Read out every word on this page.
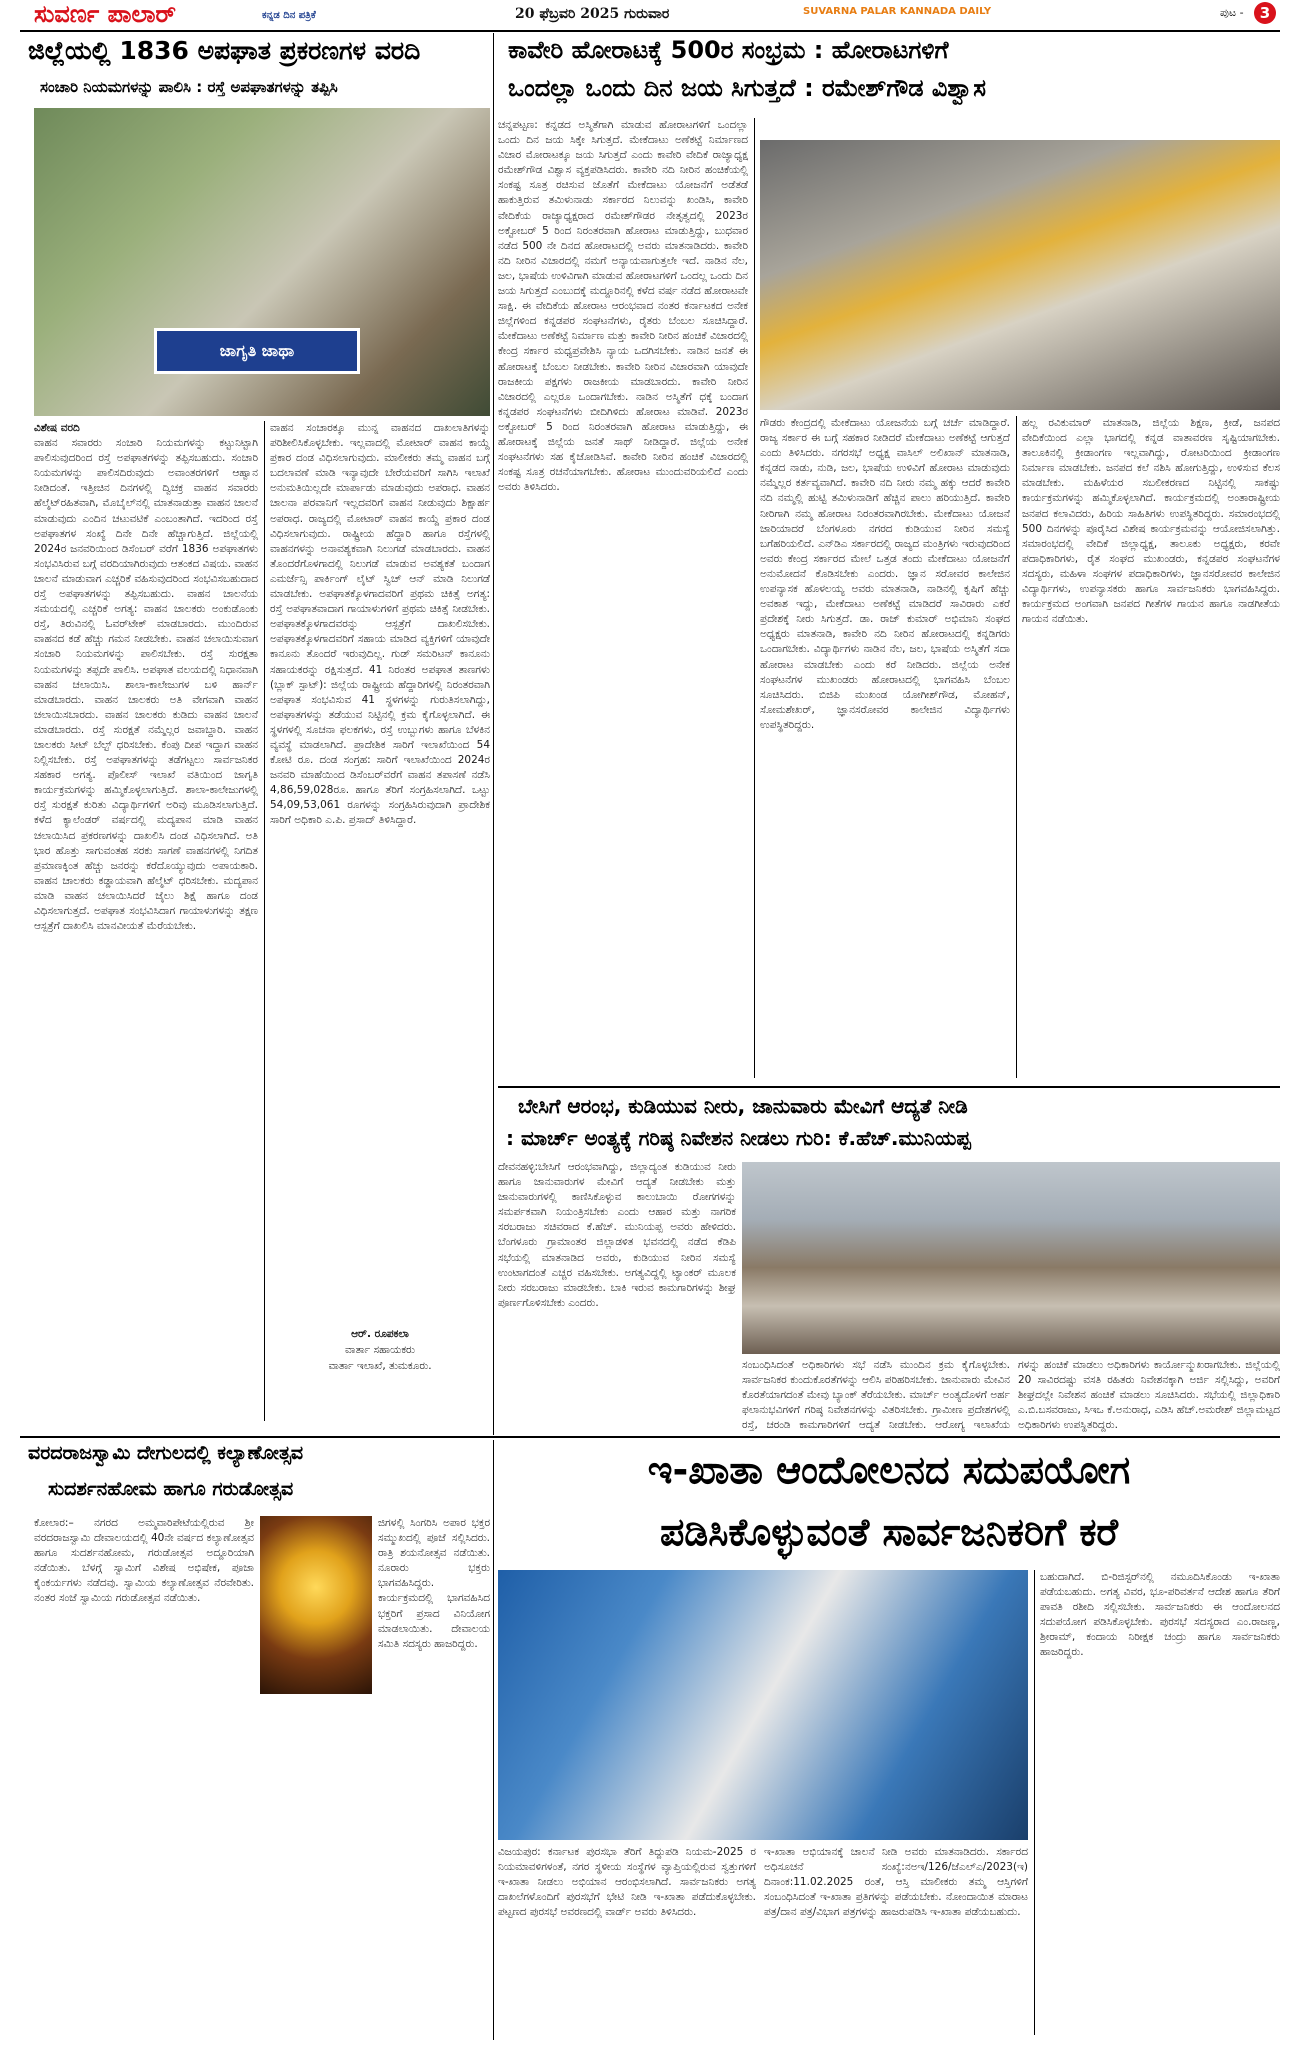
ಸುವರ್ಣ ಪಾಲಾರ್	ಕನ್ನಡ ದಿನ ಪತ್ರಿಕೆ	20 ಫೆಬ್ರವರಿ 2025 ಗುರುವಾರ	SUVARNA PALAR KANNADA DAILY	ಪುಟ -	3
ಜಿಲ್ಲೆಯಲ್ಲಿ 1836 ಅಪಘಾತ ಪ್ರಕರಣಗಳ ವರದಿ
ಸಂಚಾರಿ ನಿಯಮಗಳನ್ನು ಪಾಲಿಸಿ : ರಸ್ತೆ ಅಪಘಾತಗಳನ್ನು ತಪ್ಪಿಸಿ
ಜಾಗೃತಿ ಜಾಥಾ

ವಿಶೇಷ ವರದಿ

ವಾಹನ ಸವಾರರು ಸಂಚಾರಿ ನಿಯಮಗಳನ್ನು ಕಟ್ಟುನಿಟ್ಟಾಗಿ ಪಾಲಿಸುವುದರಿಂದ ರಸ್ತೆ ಅಪಘಾತಗಳನ್ನು ತಪ್ಪಿಸಬಹುದು. ಸಂಚಾರಿ ನಿಯಮಗಳನ್ನು ಪಾಲಿಸದಿರುವುದು ಅವಾಂತರಗಳಿಗೆ ಆಹ್ವಾನ ನೀಡಿದಂತೆ. ಇತ್ತೀಚಿನ ದಿನಗಳಲ್ಲಿ ದ್ವಿಚಕ್ರ ವಾಹನ ಸವಾರರು ಹೆಲ್ಮೆಟ್‌ರಹಿತವಾಗಿ, ಮೊಬೈಲ್‌ನಲ್ಲಿ ಮಾತನಾಡುತ್ತಾ ವಾಹನ ಚಾಲನೆ ಮಾಡುವುದು ಎಂದಿನ ಚಟುವಟಿಕೆ ಎಂಬಂತಾಗಿದೆ. ಇದರಿಂದ ರಸ್ತೆ ಅಪಘಾತಗಳ ಸಂಖ್ಯೆ ದಿನೇ ದಿನೇ ಹೆಚ್ಚಾಗುತ್ತಿದೆ. ಜಿಲ್ಲೆಯಲ್ಲಿ 2024ರ ಜನವರಿಯಿಂದ ಡಿಸೆಂಬರ್ ವರೆಗೆ 1836 ಅಪಘಾತಗಳು ಸಂಭವಿಸಿರುವ ಬಗ್ಗೆ ವರದಿಯಾಗಿರುವುದು ಆತಂಕದ ವಿಷಯ. ವಾಹನ ಚಾಲನೆ ಮಾಡುವಾಗ ಎಚ್ಚರಿಕೆ ವಹಿಸುವುದರಿಂದ ಸಂಭವಿಸಬಹುದಾದ ರಸ್ತೆ ಅಪಘಾತಗಳನ್ನು ತಪ್ಪಿಸಬಹುದು. ವಾಹನ ಚಾಲನೆಯ ಸಮಯದಲ್ಲಿ ಎಚ್ಚರಿಕೆ ಅಗತ್ಯ: ವಾಹನ ಚಾಲಕರು ಅಂಕುಡೊಂಕು ರಸ್ತೆ, ತಿರುವಿನಲ್ಲಿ ಓವರ್‌ಟೇಕ್ ಮಾಡಬಾರದು. ಮುಂದಿರುವ ವಾಹನದ ಕಡೆ ಹೆಚ್ಚು ಗಮನ ನೀಡಬೇಕು. ವಾಹನ ಚಲಾಯಿಸುವಾಗ ಸಂಚಾರಿ ನಿಯಮಗಳನ್ನು ಪಾಲಿಸಬೇಕು. ರಸ್ತೆ ಸುರಕ್ಷತಾ ನಿಯಮಗಳನ್ನು ತಪ್ಪದೇ ಪಾಲಿಸಿ. ಅಪಘಾತ ವಲಯದಲ್ಲಿ ನಿಧಾನವಾಗಿ ವಾಹನ ಚಲಾಯಿಸಿ. ಶಾಲಾ-ಕಾಲೇಜುಗಳ ಬಳಿ ಹಾರ್ನ್ ಮಾಡಬಾರದು. ವಾಹನ ಚಾಲಕರು ಅತಿ ವೇಗವಾಗಿ ವಾಹನ ಚಲಾಯಿಸಬಾರದು. ವಾಹನ ಚಾಲಕರು ಕುಡಿದು ವಾಹನ ಚಾಲನೆ ಮಾಡಬಾರದು. ರಸ್ತೆ ಸುರಕ್ಷತೆ ನಮ್ಮೆಲ್ಲರ ಜವಾಬ್ದಾರಿ. ವಾಹನ ಚಾಲಕರು ಸೀಟ್ ಬೆಲ್ಟ್ ಧರಿಸಬೇಕು. ಕೆಂಪು ದೀಪ ಇದ್ದಾಗ ವಾಹನ ನಿಲ್ಲಿಸಬೇಕು. ರಸ್ತೆ ಅಪಘಾತಗಳನ್ನು ತಡೆಗಟ್ಟಲು ಸಾರ್ವಜನಿಕರ ಸಹಕಾರ ಅಗತ್ಯ. ಪೊಲೀಸ್ ಇಲಾಖೆ ವತಿಯಿಂದ ಜಾಗೃತಿ ಕಾರ್ಯಕ್ರಮಗಳನ್ನು ಹಮ್ಮಿಕೊಳ್ಳಲಾಗುತ್ತಿದೆ. ಶಾಲಾ-ಕಾಲೇಜುಗಳಲ್ಲಿ ರಸ್ತೆ ಸುರಕ್ಷತೆ ಕುರಿತು ವಿದ್ಯಾರ್ಥಿಗಳಿಗೆ ಅರಿವು ಮೂಡಿಸಲಾಗುತ್ತಿದೆ. ಕಳೆದ ಕ್ಯಾಲೆಂಡರ್ ವರ್ಷದಲ್ಲಿ ಮದ್ಯಪಾನ ಮಾಡಿ ವಾಹನ ಚಲಾಯಿಸಿದ ಪ್ರಕರಣಗಳನ್ನು ದಾಖಲಿಸಿ ದಂಡ ವಿಧಿಸಲಾಗಿದೆ. ಅತಿ ಭಾರ ಹೊತ್ತು ಸಾಗುವಂತಹ ಸರಕು ಸಾಗಣೆ ವಾಹನಗಳಲ್ಲಿ ನಿಗದಿತ ಪ್ರಮಾಣಕ್ಕಿಂತ ಹೆಚ್ಚು ಜನರನ್ನು ಕರೆದೊಯ್ಯುವುದು ಅಪಾಯಕಾರಿ. ವಾಹನ ಚಾಲಕರು ಕಡ್ಡಾಯವಾಗಿ ಹೆಲ್ಮೆಟ್ ಧರಿಸಬೇಕು. ಮದ್ಯಪಾನ ಮಾಡಿ ವಾಹನ ಚಲಾಯಿಸಿದರೆ ಜೈಲು ಶಿಕ್ಷೆ ಹಾಗೂ ದಂಡ ವಿಧಿಸಲಾಗುತ್ತದೆ. ಅಪಘಾತ ಸಂಭವಿಸಿದಾಗ ಗಾಯಾಳುಗಳನ್ನು ತಕ್ಷಣ ಆಸ್ಪತ್ರೆಗೆ ದಾಖಲಿಸಿ ಮಾನವೀಯತೆ ಮೆರೆಯಬೇಕು.

ವಾಹನ ಸಂಚಾರಕ್ಕೂ ಮುನ್ನ ವಾಹನದ ದಾಖಲಾತಿಗಳನ್ನು ಪರಿಶೀಲಿಸಿಕೊಳ್ಳಬೇಕು. ಇಲ್ಲವಾದಲ್ಲಿ ಮೋಟಾರ್ ವಾಹನ ಕಾಯ್ದೆ ಪ್ರಕಾರ ದಂಡ ವಿಧಿಸಲಾಗುವುದು. ಮಾಲೀಕರು ತಮ್ಮ ವಾಹನ ಬಗ್ಗೆ ಬದಲಾವಣೆ ಮಾಡಿ ಇನ್ಯಾವುದೇ ಬೇರೆಯವರಿಗೆ ಸಾಗಿಸಿ ಇಲಾಖೆ ಅನುಮತಿಯಿಲ್ಲದೇ ಮಾರ್ಪಾಡು ಮಾಡುವುದು ಅಪರಾಧ. ವಾಹನ ಚಾಲನಾ ಪರವಾನಿಗೆ ಇಲ್ಲದವರಿಗೆ ವಾಹನ ನೀಡುವುದು ಶಿಕ್ಷಾರ್ಹ ಅಪರಾಧ. ರಾಜ್ಯದಲ್ಲಿ ಮೋಟಾರ್ ವಾಹನ ಕಾಯ್ದೆ ಪ್ರಕಾರ ದಂಡ ವಿಧಿಸಲಾಗುವುದು. ರಾಷ್ಟ್ರೀಯ ಹೆದ್ದಾರಿ ಹಾಗೂ ರಸ್ತೆಗಳಲ್ಲಿ ವಾಹನಗಳನ್ನು ಅನಾವಶ್ಯಕವಾಗಿ ನಿಲುಗಡೆ ಮಾಡಬಾರದು. ವಾಹನ ತೊಂದರೆಗೊಳಗಾದಲ್ಲಿ ನಿಲುಗಡೆ ಮಾಡುವ ಅವಶ್ಯಕತೆ ಬಂದಾಗ ಎಮರ್ಜೆನ್ಸಿ ಪಾರ್ಕಿಂಗ್ ಲೈಟ್ ಸ್ವಿಚ್ ಆನ್ ಮಾಡಿ ನಿಲುಗಡೆ ಮಾಡಬೇಕು. ಅಪಘಾತಕ್ಕೊಳಗಾದವರಿಗೆ ಪ್ರಥಮ ಚಿಕಿತ್ಸೆ ಅಗತ್ಯ: ರಸ್ತೆ ಅಪಘಾತವಾದಾಗ ಗಾಯಾಳುಗಳಿಗೆ ಪ್ರಥಮ ಚಿಕಿತ್ಸೆ ನೀಡಬೇಕು. ಅಪಘಾತಕ್ಕೊಳಗಾದವರನ್ನು ಆಸ್ಪತ್ರೆಗೆ ದಾಖಲಿಸಬೇಕು. ಅಪಘಾತಕ್ಕೊಳಗಾದವರಿಗೆ ಸಹಾಯ ಮಾಡಿದ ವ್ಯಕ್ತಿಗಳಿಗೆ ಯಾವುದೇ ಕಾನೂನು ತೊಂದರೆ ಇರುವುದಿಲ್ಲ. ಗುಡ್ ಸಮರಿಟನ್ ಕಾನೂನು ಸಹಾಯಕರನ್ನು ರಕ್ಷಿಸುತ್ತದೆ. 41 ನಿರಂತರ ಅಪಘಾತ ತಾಣಗಳು (ಬ್ಲಾಕ್ ಸ್ಪಾಟ್): ಜಿಲ್ಲೆಯ ರಾಷ್ಟ್ರೀಯ ಹೆದ್ದಾರಿಗಳಲ್ಲಿ ನಿರಂತರವಾಗಿ ಅಪಘಾತ ಸಂಭವಿಸುವ 41 ಸ್ಥಳಗಳನ್ನು ಗುರುತಿಸಲಾಗಿದ್ದು, ಅಪಘಾತಗಳನ್ನು ತಡೆಯುವ ನಿಟ್ಟಿನಲ್ಲಿ ಕ್ರಮ ಕೈಗೊಳ್ಳಲಾಗಿದೆ. ಈ ಸ್ಥಳಗಳಲ್ಲಿ ಸೂಚನಾ ಫಲಕಗಳು, ರಸ್ತೆ ಉಬ್ಬುಗಳು ಹಾಗೂ ಬೆಳಕಿನ ವ್ಯವಸ್ಥೆ ಮಾಡಲಾಗಿದೆ. ಪ್ರಾದೇಶಿಕ ಸಾರಿಗೆ ಇಲಾಖೆಯಿಂದ 54 ಕೋಟಿ ರೂ. ದಂಡ ಸಂಗ್ರಹ: ಸಾರಿಗೆ ಇಲಾಖೆಯಿಂದ 2024ರ ಜನವರಿ ಮಾಹೆಯಿಂದ ಡಿಸೆಂಬರ್‌ವರೆಗೆ ವಾಹನ ತಪಾಸಣೆ ನಡೆಸಿ 4,86,59,028ರೂ. ಹಾಗೂ ತೆರಿಗೆ ಸಂಗ್ರಹಿಸಲಾಗಿದೆ. ಒಟ್ಟು 54,09,53,061 ರೂಗಳನ್ನು ಸಂಗ್ರಹಿಸಿರುವುದಾಗಿ ಪ್ರಾದೇಶಿಕ ಸಾರಿಗೆ ಅಧಿಕಾರಿ ಎ.ಪಿ. ಪ್ರಸಾದ್ ತಿಳಿಸಿದ್ದಾರೆ.

ಆರ್. ರೂಪಕಲಾ
ವಾರ್ತಾ ಸಹಾಯಕರು
ವಾರ್ತಾ ಇಲಾಖೆ, ತುಮಕೂರು.
ಕಾವೇರಿ ಹೋರಾಟಕ್ಕೆ 500ರ ಸಂಭ್ರಮ : ಹೋರಾಟಗಳಿಗೆ
ಒಂದಲ್ಲಾ ಒಂದು ದಿನ ಜಯ ಸಿಗುತ್ತದೆ : ರಮೇಶ್‌ಗೌಡ ವಿಶ್ವಾಸ

ಚನ್ನಪಟ್ಟಣ: ಕನ್ನಡದ ಅಸ್ಮಿತೆಗಾಗಿ ಮಾಡುವ ಹೋರಾಟಗಳಿಗೆ ಒಂದಲ್ಲಾ ಒಂದು ದಿನ ಜಯ ಸಿಕ್ಕೇ ಸಿಗುತ್ತದೆ. ಮೇಕೆದಾಟು ಅಣೆಕಟ್ಟೆ ನಿರ್ಮಾಣದ ವಿಚಾರ ಮೋರಾಟಕ್ಕೂ ಜಯ ಸಿಗುತ್ತದೆ ಎಂದು ಕಾವೇರಿ ವೇದಿಕೆ ರಾಜ್ಯಾಧ್ಯಕ್ಷ ರಮೇಶ್‌ಗೌಡ ವಿಶ್ವಾಸ ವ್ಯಕ್ತಪಡಿಸಿದರು. ಕಾವೇರಿ ನದಿ ನೀರಿನ ಹಂಚಿಕೆಯಲ್ಲಿ ಸಂಕಷ್ಟ ಸೂತ್ರ ರಚಿಸುವ ಜೊತೆಗೆ ಮೇಕೆದಾಟು ಯೋಜನೆಗೆ ಅಡೆತಡೆ ಹಾಕುತ್ತಿರುವ ತಮಿಳುನಾಡು ಸರ್ಕಾರದ ನಿಲುವನ್ನು ಖಂಡಿಸಿ, ಕಾವೇರಿ ವೇದಿಕೆಯ ರಾಜ್ಯಾಧ್ಯಕ್ಷರಾದ ರಮೇಶ್‌ಗೌಡರ ನೇತೃತ್ವದಲ್ಲಿ 2023ರ ಅಕ್ಟೋಬರ್ 5 ರಿಂದ ನಿರಂತರವಾಗಿ ಹೋರಾಟ ಮಾಡುತ್ತಿದ್ದು, ಬುಧವಾರ ನಡೆದ 500 ನೇ ದಿನದ ಹೋರಾಟದಲ್ಲಿ ಅವರು ಮಾತನಾಡಿದರು. ಕಾವೇರಿ ನದಿ ನೀರಿನ ವಿಚಾರದಲ್ಲಿ ನಮಗೆ ಅನ್ಯಾಯವಾಗುತ್ತಲೇ ಇದೆ. ನಾಡಿನ ನೆಲ, ಜಲ, ಭಾಷೆಯ ಉಳಿವಿಗಾಗಿ ಮಾಡುವ ಹೋರಾಟಗಳಿಗೆ ಒಂದಲ್ಲ ಒಂದು ದಿನ ಜಯ ಸಿಗುತ್ತದೆ ಎಂಬುದಕ್ಕೆ ಮದ್ದೂರಿನಲ್ಲಿ ಕಳೆದ ವರ್ಷ ನಡೆದ ಹೋರಾಟವೇ ಸಾಕ್ಷಿ. ಈ ವೇದಿಕೆಯ ಹೋರಾಟ ಆರಂಭವಾದ ನಂತರ ಕರ್ನಾಟಕದ ಅನೇಕ ಜಿಲ್ಲೆಗಳಿಂದ ಕನ್ನಡಪರ ಸಂಘಟನೆಗಳು, ರೈತರು ಬೆಂಬಲ ಸೂಚಿಸಿದ್ದಾರೆ. ಮೇಕೆದಾಟು ಅಣೆಕಟ್ಟೆ ನಿರ್ಮಾಣ ಮತ್ತು ಕಾವೇರಿ ನೀರಿನ ಹಂಚಿಕೆ ವಿಚಾರದಲ್ಲಿ ಕೇಂದ್ರ ಸರ್ಕಾರ ಮಧ್ಯಪ್ರವೇಶಿಸಿ ನ್ಯಾಯ ಒದಗಿಸಬೇಕು. ನಾಡಿನ ಜನತೆ ಈ ಹೋರಾಟಕ್ಕೆ ಬೆಂಬಲ ನೀಡಬೇಕು. ಕಾವೇರಿ ನೀರಿನ ವಿಚಾರವಾಗಿ ಯಾವುದೇ ರಾಜಕೀಯ ಪಕ್ಷಗಳು ರಾಜಕೀಯ ಮಾಡಬಾರದು. ಕಾವೇರಿ ನೀರಿನ ವಿಚಾರದಲ್ಲಿ ಎಲ್ಲರೂ ಒಂದಾಗಬೇಕು. ನಾಡಿನ ಅಸ್ಮಿತೆಗೆ ಧಕ್ಕೆ ಬಂದಾಗ ಕನ್ನಡಪರ ಸಂಘಟನೆಗಳು ಬೀದಿಗಿಳಿದು ಹೋರಾಟ ಮಾಡಿವೆ. 2023ರ ಅಕ್ಟೋಬರ್ 5 ರಿಂದ ನಿರಂತರವಾಗಿ ಹೋರಾಟ ಮಾಡುತ್ತಿದ್ದು, ಈ ಹೋರಾಟಕ್ಕೆ ಜಿಲ್ಲೆಯ ಜನತೆ ಸಾಥ್ ನೀಡಿದ್ದಾರೆ. ಜಿಲ್ಲೆಯ ಅನೇಕ ಸಂಘಟನೆಗಳು ಸಹ ಕೈಜೋಡಿಸಿವೆ. ಕಾವೇರಿ ನೀರಿನ ಹಂಚಿಕೆ ವಿಚಾರದಲ್ಲಿ ಸಂಕಷ್ಟ ಸೂತ್ರ ರಚನೆಯಾಗಬೇಕು. ಹೋರಾಟ ಮುಂದುವರಿಯಲಿದೆ ಎಂದು ಅವರು ತಿಳಿಸಿದರು.

ಗೌಡರು ಕೇಂದ್ರದಲ್ಲಿ ಮೇಕೆದಾಟು ಯೋಜನೆಯ ಬಗ್ಗೆ ಚರ್ಚೆ ಮಾಡಿದ್ದಾರೆ. ರಾಜ್ಯ ಸರ್ಕಾರ ಈ ಬಗ್ಗೆ ಸಹಕಾರ ನೀಡಿದರೆ ಮೇಕೆದಾಟು ಅಣೆಕಟ್ಟೆ ಆಗುತ್ತದೆ ಎಂದು ತಿಳಿಸಿದರು. ನಗರಸಭೆ ಅಧ್ಯಕ್ಷ ವಾಸಿಲ್ ಅಲಿಖಾನ್ ಮಾತನಾಡಿ, ಕನ್ನಡದ ನಾಡು, ನುಡಿ, ಜಲ, ಭಾಷೆಯ ಉಳಿವಿಗೆ ಹೋರಾಟ ಮಾಡುವುದು ನಮ್ಮೆಲ್ಲರ ಕರ್ತವ್ಯವಾಗಿದೆ. ಕಾವೇರಿ ನದಿ ನೀರು ನಮ್ಮ ಹಕ್ಕು ಆದರೆ ಕಾವೇರಿ ನದಿ ನಮ್ಮಲ್ಲಿ ಹುಟ್ಟಿ ತಮಿಳುನಾಡಿಗೆ ಹೆಚ್ಚಿನ ಪಾಲು ಹರಿಯುತ್ತಿದೆ. ಕಾವೇರಿ ನೀರಿಗಾಗಿ ನಮ್ಮ ಹೋರಾಟ ನಿರಂತರವಾಗಿರಬೇಕು. ಮೇಕೆದಾಟು ಯೋಜನೆ ಜಾರಿಯಾದರೆ ಬೆಂಗಳೂರು ನಗರದ ಕುಡಿಯುವ ನೀರಿನ ಸಮಸ್ಯೆ ಬಗೆಹರಿಯಲಿದೆ. ಎನ್‌ಡಿಎ ಸರ್ಕಾರದಲ್ಲಿ ರಾಜ್ಯದ ಮಂತ್ರಿಗಳು ಇರುವುದರಿಂದ ಅವರು ಕೇಂದ್ರ ಸರ್ಕಾರದ ಮೇಲೆ ಒತ್ತಡ ತಂದು ಮೇಕೆದಾಟು ಯೋಜನೆಗೆ ಅನುಮೋದನೆ ಕೊಡಿಸಬೇಕು ಎಂದರು. ಜ್ಞಾನ ಸರೋವರ ಕಾಲೇಜಿನ ಉಪನ್ಯಾಸಕ ಹೊಳಲಯ್ಯ ಅವರು ಮಾತನಾಡಿ, ನಾಡಿನಲ್ಲಿ ಕೃಷಿಗೆ ಹೆಚ್ಚು ಅವಕಾಶ ಇದ್ದು, ಮೇಕೆದಾಟು ಅಣೆಕಟ್ಟೆ ಮಾಡಿದರೆ ಸಾವಿರಾರು ಎಕರೆ ಪ್ರದೇಶಕ್ಕೆ ನೀರು ಸಿಗುತ್ತದೆ. ಡಾ. ರಾಜ್ ಕುಮಾರ್ ಅಭಿಮಾನಿ ಸಂಘದ ಅಧ್ಯಕ್ಷರು ಮಾತನಾಡಿ, ಕಾವೇರಿ ನದಿ ನೀರಿನ ಹೋರಾಟದಲ್ಲಿ ಕನ್ನಡಿಗರು ಒಂದಾಗಬೇಕು. ವಿದ್ಯಾರ್ಥಿಗಳು ನಾಡಿನ ನೆಲ, ಜಲ, ಭಾಷೆಯ ಅಸ್ಮಿತೆಗೆ ಸದಾ ಹೋರಾಟ ಮಾಡಬೇಕು ಎಂದು ಕರೆ ನೀಡಿದರು. ಜಿಲ್ಲೆಯ ಅನೇಕ ಸಂಘಟನೆಗಳ ಮುಖಂಡರು ಹೋರಾಟದಲ್ಲಿ ಭಾಗವಹಿಸಿ ಬೆಂಬಲ ಸೂಚಿಸಿದರು. ಬಿಜಿಪಿ ಮುಖಂಡ ಯೋಗೀಶ್‌ಗೌಡ, ಮೋಹನ್, ಸೋಮಶೇಖರ್, ಜ್ಞಾನಸರೋವರ ಕಾಲೇಜಿನ ವಿದ್ಯಾರ್ಥಿಗಳು ಉಪಸ್ಥಿತರಿದ್ದರು.

ಹಲ್ಲ ರವಿಕುಮಾರ್ ಮಾತನಾಡಿ, ಜಿಲ್ಲೆಯ ಶಿಕ್ಷಣ, ಕ್ರೀಡೆ, ಜನಪದ ವೇದಿಕೆಯಿಂದ ಎಲ್ಲಾ ಭಾಗದಲ್ಲಿ ಕನ್ನಡ ವಾತಾವರಣ ಸೃಷ್ಟಿಯಾಗಬೇಕು. ತಾಲೂಕಿನಲ್ಲಿ ಕ್ರೀಡಾಂಗಣ ಇಲ್ಲವಾಗಿದ್ದು, ರೋಟರಿಯಿಂದ ಕ್ರೀಡಾಂಗಣ ನಿರ್ಮಾಣ ಮಾಡಬೇಕು. ಜನಪದ ಕಲೆ ನಶಿಸಿ ಹೋಗುತ್ತಿದ್ದು, ಉಳಿಸುವ ಕೆಲಸ ಮಾಡಬೇಕು. ಮಹಿಳೆಯರ ಸಬಲೀಕರಣದ ನಿಟ್ಟಿನಲ್ಲಿ ಸಾಕಷ್ಟು ಕಾರ್ಯಕ್ರಮಗಳನ್ನು ಹಮ್ಮಿಕೊಳ್ಳಲಾಗಿದೆ. ಕಾರ್ಯಕ್ರಮದಲ್ಲಿ ಅಂತಾರಾಷ್ಟ್ರೀಯ ಜನಪದ ಕಲಾವಿದರು, ಹಿರಿಯ ಸಾಹಿತಿಗಳು ಉಪಸ್ಥಿತರಿದ್ದರು. ಸಮಾರಂಭದಲ್ಲಿ 500 ದಿನಗಳನ್ನು ಪೂರೈಸಿದ ವಿಶೇಷ ಕಾರ್ಯಕ್ರಮವನ್ನು ಆಯೋಜಿಸಲಾಗಿತ್ತು. ಸಮಾರಂಭದಲ್ಲಿ ವೇದಿಕೆ ಜಿಲ್ಲಾಧ್ಯಕ್ಷ, ತಾಲೂಕು ಅಧ್ಯಕ್ಷರು, ಕರವೇ ಪದಾಧಿಕಾರಿಗಳು, ರೈತ ಸಂಘದ ಮುಖಂಡರು, ಕನ್ನಡಪರ ಸಂಘಟನೆಗಳ ಸದಸ್ಯರು, ಮಹಿಳಾ ಸಂಘಗಳ ಪದಾಧಿಕಾರಿಗಳು, ಜ್ಞಾನಸರೋವರ ಕಾಲೇಜಿನ ವಿದ್ಯಾರ್ಥಿಗಳು, ಉಪನ್ಯಾಸಕರು ಹಾಗೂ ಸಾರ್ವಜನಿಕರು ಭಾಗವಹಿಸಿದ್ದರು. ಕಾರ್ಯಕ್ರಮದ ಅಂಗವಾಗಿ ಜನಪದ ಗೀತೆಗಳ ಗಾಯನ ಹಾಗೂ ನಾಡಗೀತೆಯ ಗಾಯನ ನಡೆಯಿತು.

ಬೇಸಿಗೆ ಆರಂಭ, ಕುಡಿಯುವ ನೀರು, ಜಾನುವಾರು ಮೇವಿಗೆ ಆದ್ಯತೆ ನೀಡಿ
: ಮಾರ್ಚ್ ಅಂತ್ಯಕ್ಕೆ ಗರಿಷ್ಠ ನಿವೇಶನ ನೀಡಲು ಗುರಿ: ಕೆ.ಹೆಚ್.ಮುನಿಯಪ್ಪ

ದೇವನಹಳ್ಳಿ:ಬೇಸಿಗೆ ಆರಂಭವಾಗಿದ್ದು, ಜಿಲ್ಲಾದ್ಯಂತ ಕುಡಿಯುವ ನೀರು ಹಾಗೂ ಜಾನುವಾರುಗಳ ಮೇವಿಗೆ ಆದ್ಯತೆ ನೀಡಬೇಕು ಮತ್ತು ಜಾನುವಾರುಗಳಲ್ಲಿ ಕಾಣಿಸಿಕೊಳ್ಳುವ ಕಾಲುಬಾಯಿ ರೋಗಗಳನ್ನು ಸಮರ್ಪಕವಾಗಿ ನಿಯಂತ್ರಿಸಬೇಕು ಎಂದು ಆಹಾರ ಮತ್ತು ನಾಗರಿಕ ಸರಬರಾಜು ಸಚಿವರಾದ ಕೆ.ಹೆಚ್. ಮುನಿಯಪ್ಪ ಅವರು ಹೇಳಿದರು. ಬೆಂಗಳೂರು ಗ್ರಾಮಾಂತರ ಜಿಲ್ಲಾಡಳಿತ ಭವನದಲ್ಲಿ ನಡೆದ ಕೆಡಿಪಿ ಸಭೆಯಲ್ಲಿ ಮಾತನಾಡಿದ ಅವರು, ಕುಡಿಯುವ ನೀರಿನ ಸಮಸ್ಯೆ ಉಂಟಾಗದಂತೆ ಎಚ್ಚರ ವಹಿಸಬೇಕು. ಅಗತ್ಯವಿದ್ದಲ್ಲಿ ಟ್ಯಾಂಕರ್ ಮೂಲಕ ನೀರು ಸರಬರಾಜು ಮಾಡಬೇಕು. ಬಾಕಿ ಇರುವ ಕಾಮಗಾರಿಗಳನ್ನು ಶೀಘ್ರ ಪೂರ್ಣಗೊಳಿಸಬೇಕು ಎಂದರು.

ಸಂಬಂಧಿಸಿದಂತೆ ಅಧಿಕಾರಿಗಳು ಸಭೆ ನಡೆಸಿ ಮುಂದಿನ ಕ್ರಮ ಕೈಗೊಳ್ಳಬೇಕು. ಸಾರ್ವಜನಿಕರ ಕುಂದುಕೊರತೆಗಳನ್ನು ಆಲಿಸಿ ಪರಿಹರಿಸಬೇಕು. ಜಾನುವಾರು ಮೇವಿನ ಕೊರತೆಯಾಗದಂತೆ ಮೇವು ಬ್ಯಾಂಕ್ ತೆರೆಯಬೇಕು. ಮಾರ್ಚ್ ಅಂತ್ಯದೊಳಗೆ ಅರ್ಹ ಫಲಾನುಭವಿಗಳಿಗೆ ಗರಿಷ್ಠ ನಿವೇಶನಗಳನ್ನು ವಿತರಿಸಬೇಕು. ಗ್ರಾಮೀಣ ಪ್ರದೇಶಗಳಲ್ಲಿ ರಸ್ತೆ, ಚರಂಡಿ ಕಾಮಗಾರಿಗಳಿಗೆ ಆದ್ಯತೆ ನೀಡಬೇಕು. ಆರೋಗ್ಯ ಇಲಾಖೆಯ

ಗಳನ್ನು ಹಂಚಿಕೆ ಮಾಡಲು ಅಧಿಕಾರಿಗಳು ಕಾರ್ಯೋನ್ಮುಖರಾಗಬೇಕು. ಜಿಲ್ಲೆಯಲ್ಲಿ 20 ಸಾವಿರದಷ್ಟು ವಸತಿ ರಹಿತರು ನಿವೇಶನಕ್ಕಾಗಿ ಅರ್ಜಿ ಸಲ್ಲಿಸಿದ್ದು, ಅವರಿಗೆ ಶೀಘ್ರದಲ್ಲೇ ನಿವೇಶನ ಹಂಚಿಕೆ ಮಾಡಲು ಸೂಚಿಸಿದರು. ಸಭೆಯಲ್ಲಿ ಜಿಲ್ಲಾಧಿಕಾರಿ ಎ.ಬಿ.ಬಸವರಾಜು, ಸಿಇಒ ಕೆ.ಅನುರಾಧ, ಎಡಿಸಿ ಹೆಚ್.ಅಮರೇಶ್ ಜಿಲ್ಲಾಮಟ್ಟದ ಅಧಿಕಾರಿಗಳು ಉಪಸ್ಥಿತರಿದ್ದರು.

ಇ-ಖಾತಾ ಆಂದೋಲನದ ಸದುಪಯೋಗ
ಪಡಿಸಿಕೊಳ್ಳುವಂತೆ ಸಾರ್ವಜನಿಕರಿಗೆ ಕರೆ

ವಿಜಯಪುರ: ಕರ್ನಾಟಕ ಪುರಸಭಾ ತೆರಿಗೆ ತಿದ್ದುಪಡಿ ನಿಯಮ-2025 ರ ನಿಯಮಾವಳಿಗಳಂತೆ, ನಗರ ಸ್ಥಳೀಯ ಸಂಸ್ಥೆಗಳ ವ್ಯಾಪ್ತಿಯಲ್ಲಿರುವ ಸ್ವತ್ತುಗಳಿಗೆ ಇ-ಖಾತಾ ನೀಡಲು ಅಭಿಯಾನ ಆರಂಭಿಸಲಾಗಿದೆ. ಸಾರ್ವಜನಿಕರು ಅಗತ್ಯ ದಾಖಲೆಗಳೊಂದಿಗೆ ಪುರಸಭೆಗೆ ಭೇಟಿ ನೀಡಿ ಇ-ಖಾತಾ ಪಡೆದುಕೊಳ್ಳಬೇಕು. ಪಟ್ಟಣದ ಪುರಸಭೆ ಅವರಣದಲ್ಲಿ ವಾರ್ಡ್ ಅವರು ತಿಳಿಸಿದರು.

ಇ-ಖಾತಾ ಅಭಿಯಾನಕ್ಕೆ ಚಾಲನೆ ನೀಡಿ ಅವರು ಮಾತನಾಡಿದರು. ಸರ್ಕಾರದ ಅಧಿಸೂಚನೆ ಸಂಖ್ಯೆ:ನಅಇ/126/ಜೆಎಲ್‌ಎ/2023(ಇ) ದಿನಾಂಕ:11.02.2025 ರಂತೆ, ಆಸ್ತಿ ಮಾಲೀಕರು ತಮ್ಮ ಆಸ್ತಿಗಳಿಗೆ ಸಂಬಂಧಿಸಿದಂತೆ ಇ-ಖಾತಾ ಪ್ರತಿಗಳನ್ನು ಪಡೆಯಬೇಕು. ನೋಂದಾಯಿತ ಮಾರಾಟ ಪತ್ರ/ದಾನ ಪತ್ರ/ವಿಭಾಗ ಪತ್ರಗಳನ್ನು ಹಾಜರುಪಡಿಸಿ ಇ-ಖಾತಾ ಪಡೆಯಬಹುದು.

ಬಹುದಾಗಿದೆ. ಬಿ-ರಿಜಿಸ್ಟರ್‌ನಲ್ಲಿ ನಮೂದಿಸಿಕೊಂಡು ಇ-ಖಾತಾ ಪಡೆಯಬಹುದು. ಅಗತ್ಯ ವಿವರ, ಭೂ-ಪರಿವರ್ತನೆ ಆದೇಶ ಹಾಗೂ ತೆರಿಗೆ ಪಾವತಿ ರಶೀದಿ ಸಲ್ಲಿಸಬೇಕು. ಸಾರ್ವಜನಿಕರು ಈ ಆಂದೋಲನದ ಸದುಪಯೋಗ ಪಡಿಸಿಕೊಳ್ಳಬೇಕು. ಪುರಸಭೆ ಸದಸ್ಯರಾದ ಎಂ.ರಾಜಣ್ಣ, ಶ್ರೀರಾಮ್, ಕಂದಾಯ ನಿರೀಕ್ಷಕ ಚಂದ್ರು ಹಾಗೂ ಸಾರ್ವಜನಿಕರು ಹಾಜರಿದ್ದರು.

ವರದರಾಜಸ್ವಾಮಿ ದೇಗುಲದಲ್ಲಿ ಕಲ್ಯಾಣೋತ್ಸವ
ಸುದರ್ಶನಹೋಮ ಹಾಗೂ ಗರುಡೋತ್ಸವ

ಕೋಲಾರ:– ನಗರದ ಅಮ್ಮವಾರಿಪೇಟೆಯಲ್ಲಿರುವ ಶ್ರೀ ವರದರಾಜಸ್ವಾಮಿ ದೇವಾಲಯದಲ್ಲಿ 40ನೇ ವರ್ಷದ ಕಲ್ಯಾಣೋತ್ಸವ ಹಾಗೂ ಸುದರ್ಶನಹೋಮ, ಗರುಡೋತ್ಸವ ಅದ್ದೂರಿಯಾಗಿ ನಡೆಯಿತು. ಬೆಳಗ್ಗೆ ಸ್ವಾಮಿಗೆ ವಿಶೇಷ ಅಭಿಷೇಕ, ಪೂಜಾ ಕೈಂಕರ್ಯಗಳು ನಡೆದವು. ಸ್ವಾಮಿಯ ಕಲ್ಯಾಣೋತ್ಸವ ನೆರವೇರಿತು. ನಂತರ ಸಂಜೆ ಸ್ವಾಮಿಯ ಗರುಡೋತ್ಸವ ನಡೆಯಿತು.

ಜಿಗಳಲ್ಲಿ ಸಿಂಗರಿಸಿ ಅಪಾರ ಭಕ್ತರ ಸಮ್ಮುಖದಲ್ಲಿ ಪೂಜೆ ಸಲ್ಲಿಸಿದರು. ರಾತ್ರಿ ಶಯನೋತ್ಸವ ನಡೆಯಿತು. ನೂರಾರು ಭಕ್ತರು ಭಾಗವಹಿಸಿದ್ದರು. ಕಾರ್ಯಕ್ರಮದಲ್ಲಿ ಭಾಗವಹಿಸಿದ ಭಕ್ತರಿಗೆ ಪ್ರಸಾದ ವಿನಿಯೋಗ ಮಾಡಲಾಯಿತು. ದೇವಾಲಯ ಸಮಿತಿ ಸದಸ್ಯರು ಹಾಜರಿದ್ದರು.
